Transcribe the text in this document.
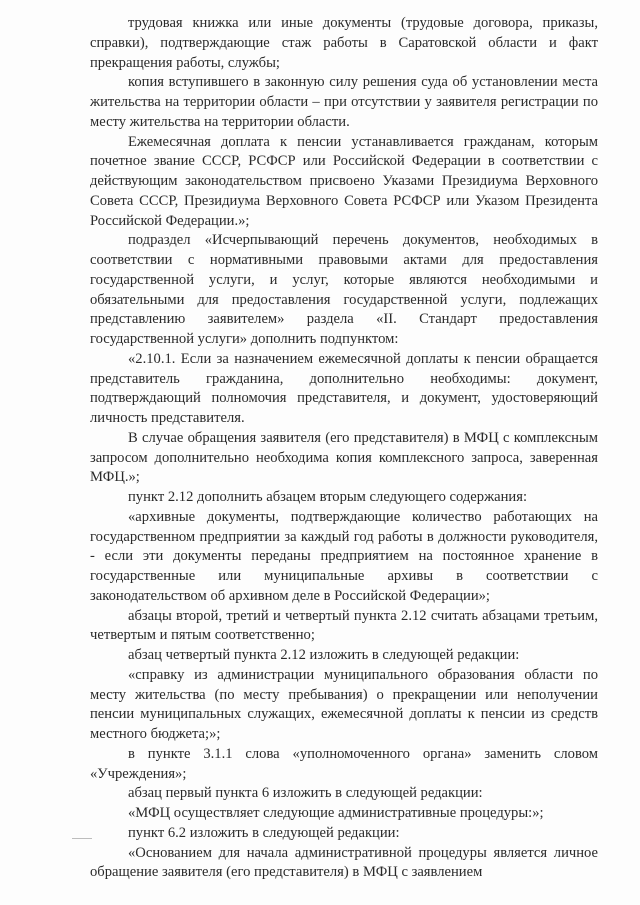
трудовая книжка или иные документы (трудовые договора, приказы, справки), подтверждающие стаж работы в Саратовской области и факт прекращения работы, службы;

копия вступившего в законную силу решения суда об установлении места жительства на территории области – при отсутствии у заявителя регистрации по месту жительства на территории области.

Ежемесячная доплата к пенсии устанавливается гражданам, которым почетное звание СССР, РСФСР или Российской Федерации в соответствии с действующим законодательством присвоено Указами Президиума Верховного Совета СССР, Президиума Верховного Совета РСФСР или Указом Президента Российской Федерации.»;

подраздел «Исчерпывающий перечень документов, необходимых в соответствии с нормативными правовыми актами для предоставления государственной услуги, и услуг, которые являются необходимыми и обязательными для предоставления государственной услуги, подлежащих представлению заявителем» раздела «II. Стандарт предоставления государственной услуги» дополнить подпунктом:

«2.10.1. Если за назначением ежемесячной доплаты к пенсии обращается представитель гражданина, дополнительно необходимы: документ, подтверждающий полномочия представителя, и документ, удостоверяющий личность представителя.

В случае обращения заявителя (его представителя) в МФЦ с комплексным запросом дополнительно необходима копия комплексного запроса, заверенная МФЦ.»;

пункт 2.12 дополнить абзацем вторым следующего содержания:

«архивные документы, подтверждающие количество работающих на государственном предприятии за каждый год работы в должности руководителя, - если эти документы переданы предприятием на постоянное хранение в государственные или муниципальные архивы в соответствии с законодательством об архивном деле в Российской Федерации»;

абзацы второй, третий и четвертый пункта 2.12 считать абзацами третьим, четвертым и пятым соответственно;

абзац четвертый пункта 2.12 изложить в следующей редакции:

«справку из администрации муниципального образования области по месту жительства (по месту пребывания) о прекращении или неполучении пенсии муниципальных служащих, ежемесячной доплаты к пенсии из средств местного бюджета;»;

в пункте 3.1.1 слова «уполномоченного органа» заменить словом «Учреждения»;

абзац первый пункта 6 изложить в следующей редакции:

«МФЦ осуществляет следующие административные процедуры:»;

пункт 6.2 изложить в следующей редакции:

«Основанием для начала административной процедуры является личное обращение заявителя (его представителя) в МФЦ с заявлением
